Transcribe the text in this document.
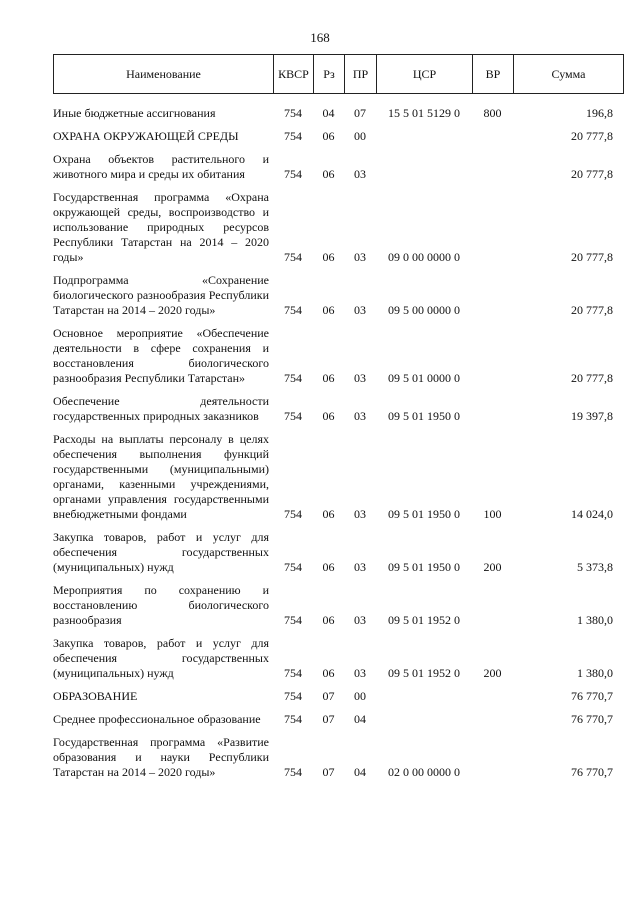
168
Наименование	КВСР	Рз	ПР	ЦСР	ВР	Сумма
Иные бюджетные ассигнования	754	04	07	15 5 01 5129 0	800	196,8
ОХРАНА ОКРУЖАЮЩЕЙ СРЕДЫ	754	06	00			20 777,8
Охрана объектов растительного и животного мира и среды их обитания	754	06	03			20 777,8
Государственная программа «Охрана окружающей среды, воспроизводство и использование природных ресурсов Республики Татарстан на 2014 – 2020 годы»	754	06	03	09 0 00 0000 0		20 777,8
Подпрограмма «Сохранение биологического разнообразия Республики Татарстан на 2014 – 2020 годы»	754	06	03	09 5 00 0000 0		20 777,8
Основное мероприятие «Обеспечение деятельности в сфере сохранения и восстановления биологического разнообразия Республики Татарстан»	754	06	03	09 5 01 0000 0		20 777,8
Обеспечение деятельности государственных природных заказников	754	06	03	09 5 01 1950 0		19 397,8
Расходы на выплаты персоналу в целях обеспечения выполнения функций государственными (муниципальными) органами, казенными учреждениями, органами управления государственными внебюджетными фондами	754	06	03	09 5 01 1950 0	100	14 024,0
Закупка товаров, работ и услуг для обеспечения государственных (муниципальных) нужд	754	06	03	09 5 01 1950 0	200	5 373,8
Мероприятия по сохранению и восстановлению биологического разнообразия	754	06	03	09 5 01 1952 0		1 380,0
Закупка товаров, работ и услуг для обеспечения государственных (муниципальных) нужд	754	06	03	09 5 01 1952 0	200	1 380,0
ОБРАЗОВАНИЕ	754	07	00			76 770,7
Среднее профессиональное образование	754	07	04			76 770,7
Государственная программа «Развитие образования и науки Республики Татарстан на 2014 – 2020 годы»	754	07	04	02 0 00 0000 0		76 770,7
